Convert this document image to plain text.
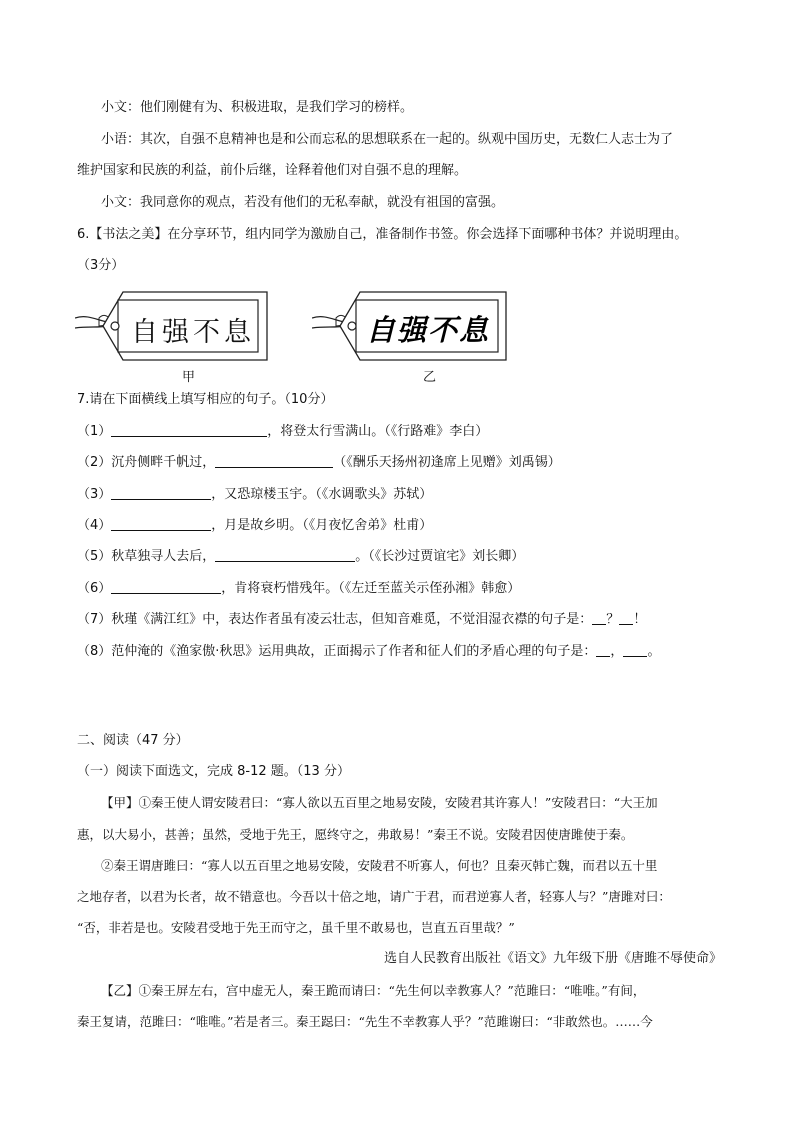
小文：他们刚健有为、积极进取，是我们学习的榜样。
小语：其次，自强不息精神也是和公而忘私的思想联系在一起的。纵观中国历史，无数仁人志士为了
维护国家和民族的利益，前仆后继，诠释着他们对自强不息的理解。
小文：我同意你的观点，若没有他们的无私奉献，就没有祖国的富强。
6.【书法之美】在分享环节，组内同学为激励自己，准备制作书签。你会选择下面哪种书体？并说明理由。
（3分）
自强不息
甲
自强不息
乙
7.请在下面横线上填写相应的句子。（10分）
（1）	，将登太行雪满山。（《行路难》李白）
（2）沉舟侧畔千帆过，	（《酬乐天扬州初逢席上见赠》刘禹锡）
（3）	，又恐琼楼玉宇。（《水调歌头》苏轼）
（4）	，月是故乡明。（《月夜忆舍弟》杜甫）
（5）秋草独寻人去后，	。（《长沙过贾谊宅》刘长卿）
（6）	，肯将衰朽惜残年。（《左迁至蓝关示侄孙湘》韩愈）
（7）秋瑾《满江红》中，表达作者虽有凌云壮志，但知音难觅，不觉泪湿衣襟的句子是： ？ ！
（8）范仲淹的《渔家傲·秋思》运用典故，正面揭示了作者和征人们的矛盾心理的句子是： ， 。
二、阅读（47 分）
（一）阅读下面选文，完成 8-12 题。（13 分）
【甲】①秦王使人谓安陵君曰：“寡人欲以五百里之地易安陵，安陵君其许寡人！”安陵君曰：“大王加
惠，以大易小，甚善；虽然，受地于先王，愿终守之，弗敢易！”秦王不说。安陵君因使唐雎使于秦。
②秦王谓唐雎曰：“寡人以五百里之地易安陵，安陵君不听寡人，何也？且秦灭韩亡魏，而君以五十里
之地存者，以君为长者，故不错意也。今吾以十倍之地，请广于君，而君逆寡人者，轻寡人与？”唐雎对曰：
“否，非若是也。安陵君受地于先王而守之，虽千里不敢易也，岂直五百里哉？”
选自人民教育出版社《语文》九年级下册《唐雎不辱使命》
【乙】①秦王屏左右，宫中虚无人，秦王跪而请曰：“先生何以幸教寡人？”范雎曰：“唯唯。”有间，
秦王复请，范雎曰：“唯唯。”若是者三。秦王跽曰：“先生不幸教寡人乎？”范雎谢曰：“非敢然也。……今
